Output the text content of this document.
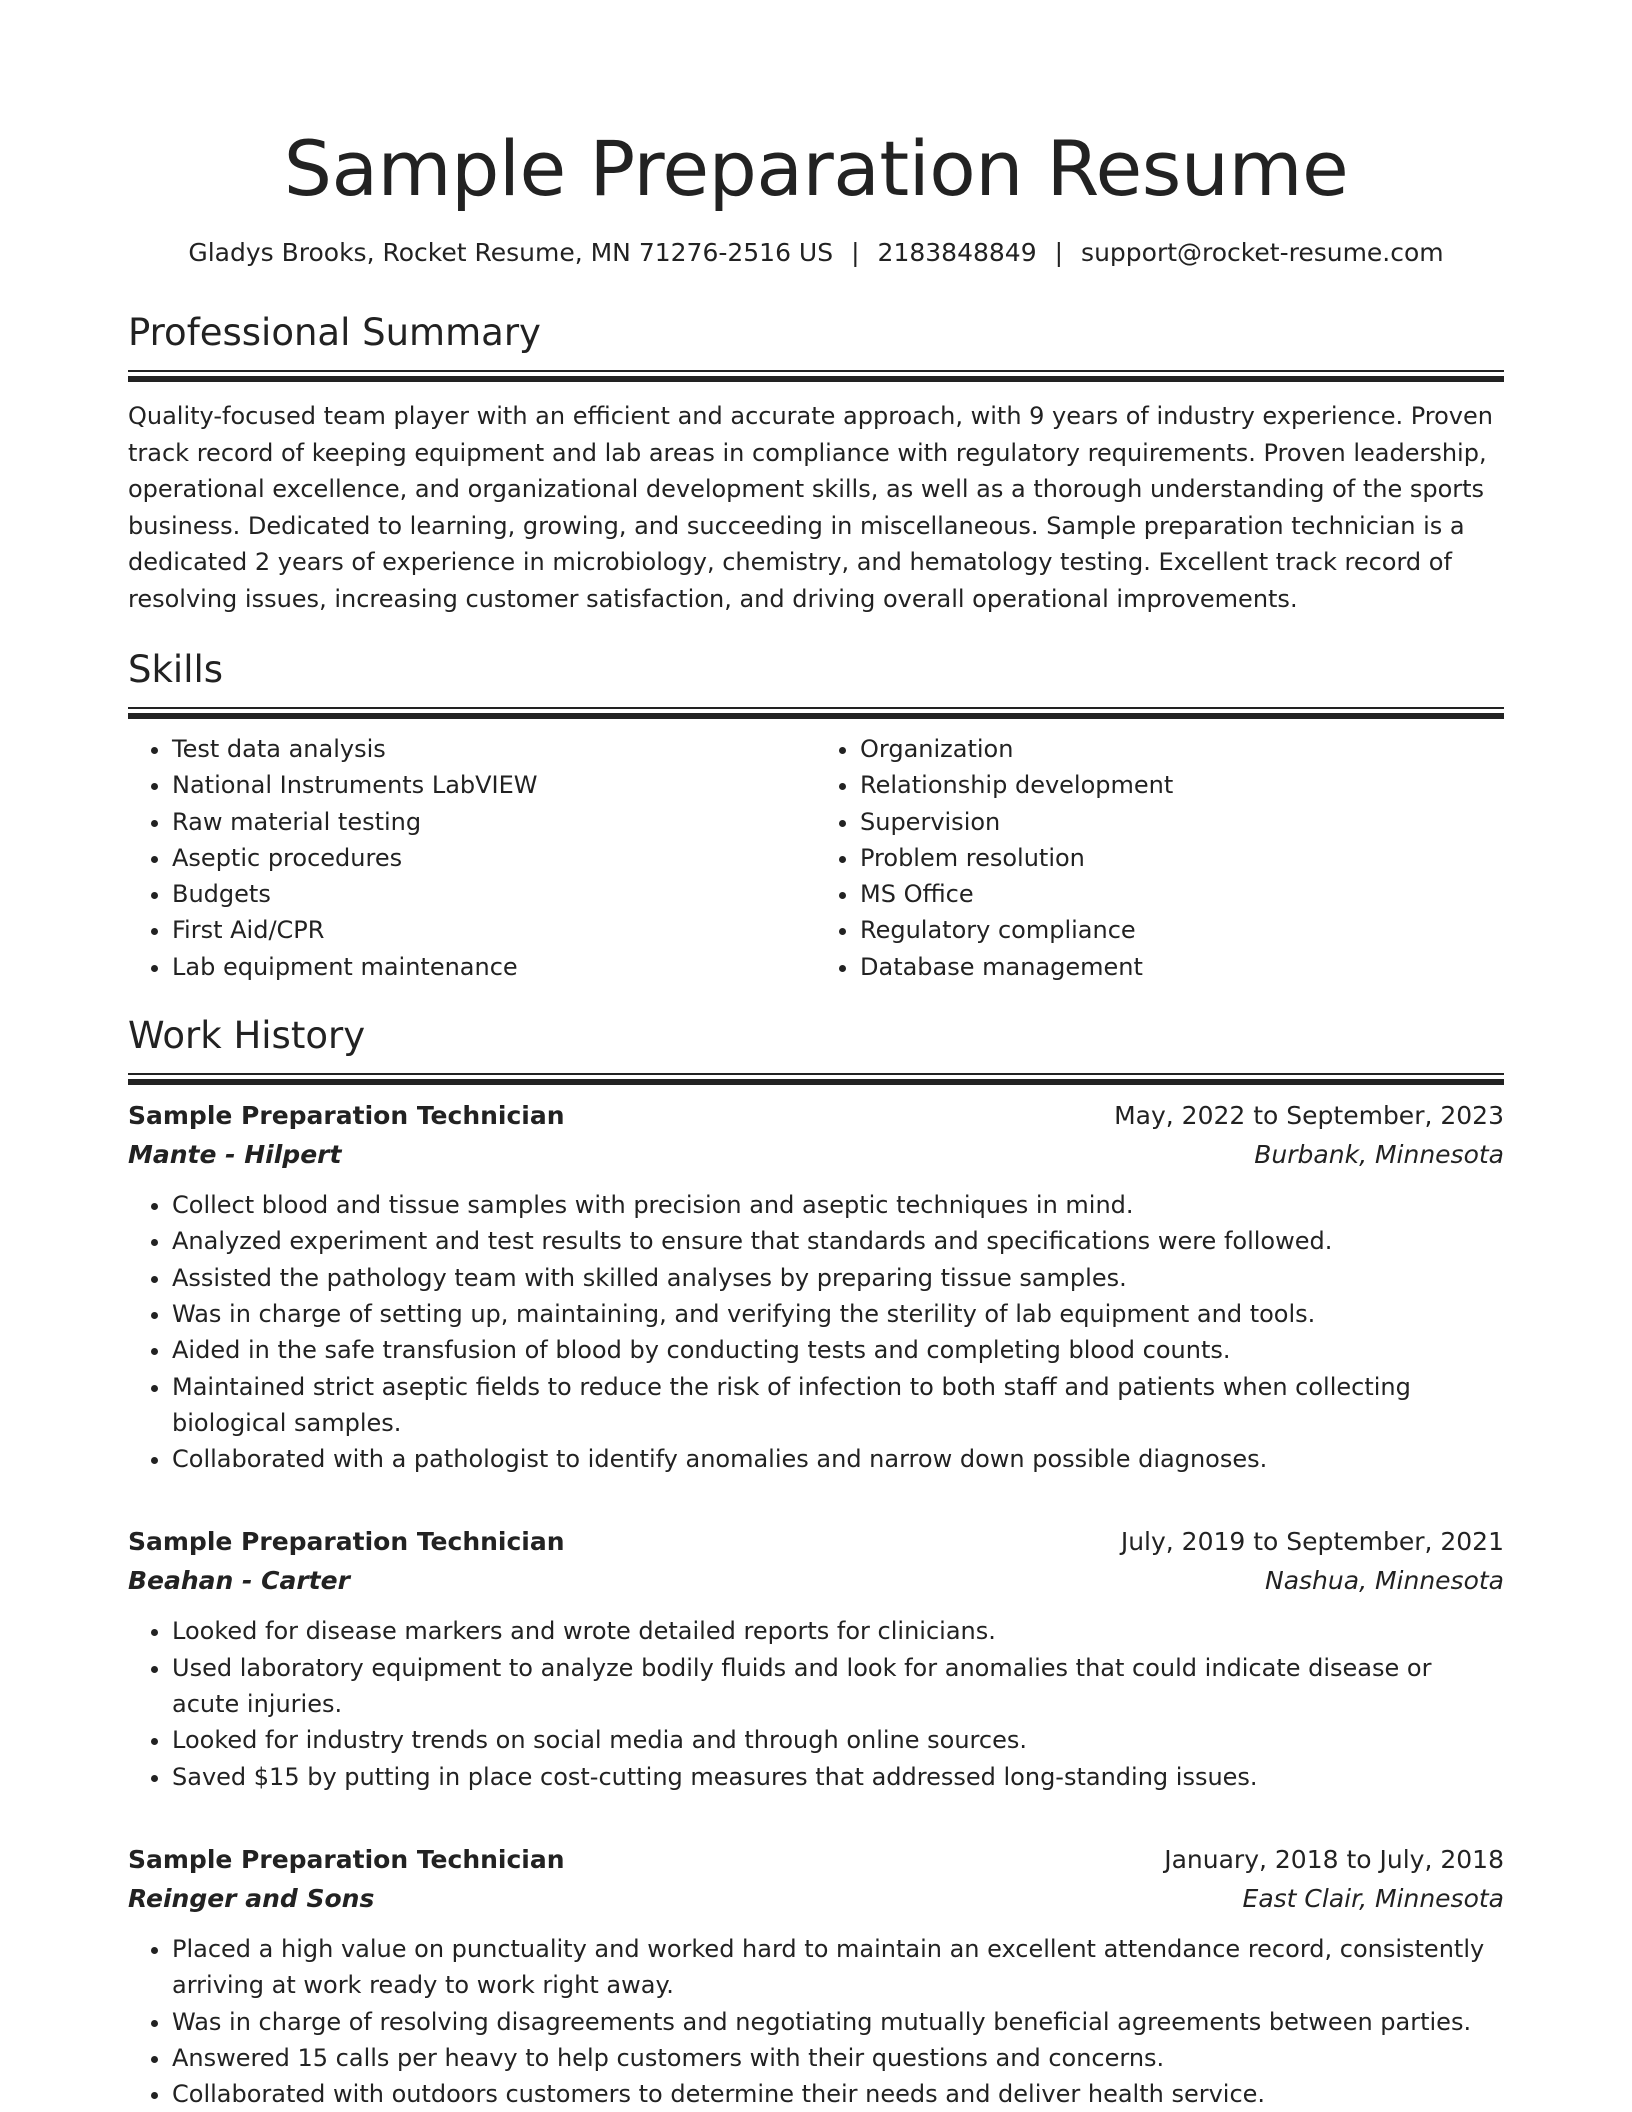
Sample Preparation Resume
Gladys Brooks, Rocket Resume, MN 71276-2516 US | 2183848849 | support@rocket-resume.com
Professional Summary

Quality-focused team player with an efficient and accurate approach, with 9 years of industry experience. Proven track record of keeping equipment and lab areas in compliance with regulatory requirements. Proven leadership, operational excellence, and organizational development skills, as well as a thorough understanding of the sports business. Dedicated to learning, growing, and succeeding in miscellaneous. Sample preparation technician is a dedicated 2 years of experience in microbiology, chemistry, and hematology testing. Excellent track record of resolving issues, increasing customer satisfaction, and driving overall operational improvements.

Skills
• Test data analysis
• National Instruments LabVIEW
• Raw material testing
• Aseptic procedures
• Budgets
• First Aid/CPR
• Lab equipment maintenance
• Organization
• Relationship development
• Supervision
• Problem resolution
• MS Office
• Regulatory compliance
• Database management
Work History
Sample Preparation Technician	May, 2022 to September, 2023
Mante - Hilpert	Burbank, Minnesota
• Collect blood and tissue samples with precision and aseptic techniques in mind.
• Analyzed experiment and test results to ensure that standards and specifications were followed.
• Assisted the pathology team with skilled analyses by preparing tissue samples.
• Was in charge of setting up, maintaining, and verifying the sterility of lab equipment and tools.
• Aided in the safe transfusion of blood by conducting tests and completing blood counts.
• Maintained strict aseptic fields to reduce the risk of infection to both staff and patients when collecting biological samples.
• Collaborated with a pathologist to identify anomalies and narrow down possible diagnoses.
Sample Preparation Technician	July, 2019 to September, 2021
Beahan - Carter	Nashua, Minnesota
• Looked for disease markers and wrote detailed reports for clinicians.
• Used laboratory equipment to analyze bodily fluids and look for anomalies that could indicate disease or acute injuries.
• Looked for industry trends on social media and through online sources.
• Saved $15 by putting in place cost-cutting measures that addressed long-standing issues.
Sample Preparation Technician	January, 2018 to July, 2018
Reinger and Sons	East Clair, Minnesota
• Placed a high value on punctuality and worked hard to maintain an excellent attendance record, consistently arriving at work ready to work right away.
• Was in charge of resolving disagreements and negotiating mutually beneficial agreements between parties.
• Answered 15 calls per heavy to help customers with their questions and concerns.
• Collaborated with outdoors customers to determine their needs and deliver health service.
